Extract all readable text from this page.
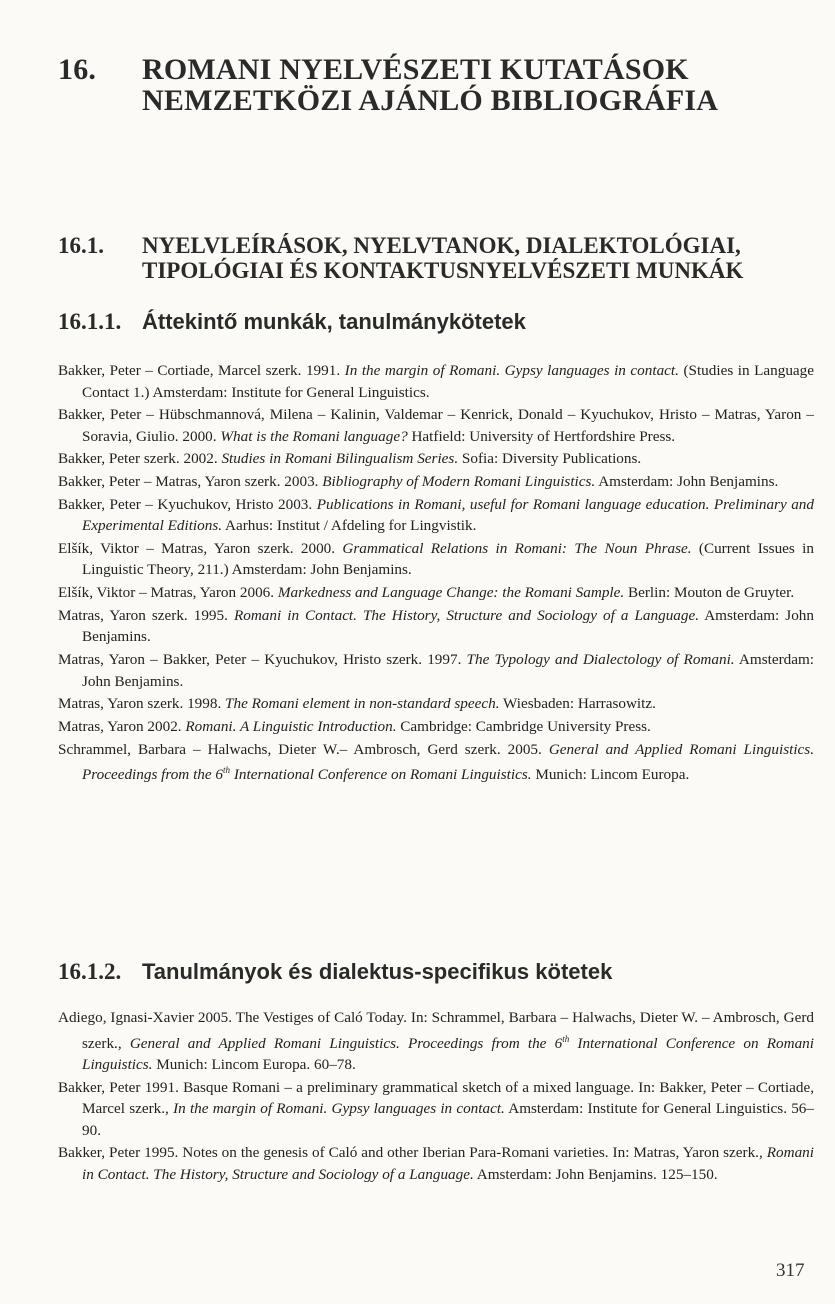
16. ROMANI NYELVÉSZETI KUTATÁSOK
NEMZETKÖZI AJÁNLÓ BIBLIOGRÁFIA
16.1. NYELVLEÍRÁSOK, NYELVTANOK, DIALEKTOLÓGIAI,
TIPOLÓGIAI ÉS KONTAKTUSNYELVÉSZETI MUNKÁK
16.1.1. Áttekintő munkák, tanulmánykötetek

Bakker, Peter – Cortiade, Marcel szerk. 1991. In the margin of Romani. Gypsy languages in contact. (Studies in Language Contact 1.) Amsterdam: Institute for General Linguistics.

Bakker, Peter – Hübschmannová, Milena – Kalinin, Valdemar – Kenrick, Donald – Kyuchukov, Hristo – Matras, Yaron – Soravia, Giulio. 2000. What is the Romani language? Hatfield: University of Hertfordshire Press.

Bakker, Peter szerk. 2002. Studies in Romani Bilingualism Series. Sofia: Diversity Publications.

Bakker, Peter – Matras, Yaron szerk. 2003. Bibliography of Modern Romani Linguistics. Amsterdam: John Benjamins.

Bakker, Peter – Kyuchukov, Hristo 2003. Publications in Romani, useful for Romani language education. Preliminary and Experimental Editions. Aarhus: Institut / Afdeling for Lingvistik.

Elšík, Viktor – Matras, Yaron szerk. 2000. Grammatical Relations in Romani: The Noun Phrase. (Current Issues in Linguistic Theory, 211.) Amsterdam: John Benjamins.

Elšík, Viktor – Matras, Yaron 2006. Markedness and Language Change: the Romani Sample. Berlin: Mouton de Gruyter.

Matras, Yaron szerk. 1995. Romani in Contact. The History, Structure and Sociology of a Language. Amsterdam: John Benjamins.

Matras, Yaron – Bakker, Peter – Kyuchukov, Hristo szerk. 1997. The Typology and Dialectology of Romani. Amsterdam: John Benjamins.

Matras, Yaron szerk. 1998. The Romani element in non-standard speech. Wiesbaden: Harrasowitz.

Matras, Yaron 2002. Romani. A Linguistic Introduction. Cambridge: Cambridge University Press.

Schrammel, Barbara – Halwachs, Dieter W.– Ambrosch, Gerd szerk. 2005. General and Applied Romani Linguistics. Proceedings from the 6th International Conference on Romani Linguistics. Munich: Lincom Europa.

16.1.2. Tanulmányok és dialektus-specifikus kötetek

Adiego, Ignasi-Xavier 2005. The Vestiges of Caló Today. In: Schrammel, Barbara – Halwachs, Dieter W. – Ambrosch, Gerd szerk., General and Applied Romani Linguistics. Proceedings from the 6th International Conference on Romani Linguistics. Munich: Lincom Europa. 60–78.

Bakker, Peter 1991. Basque Romani – a preliminary grammatical sketch of a mixed language. In: Bakker, Peter – Cortiade, Marcel szerk., In the margin of Romani. Gypsy languages in contact. Amsterdam: Institute for General Linguistics. 56–90.

Bakker, Peter 1995. Notes on the genesis of Caló and other Iberian Para-Romani varieties. In: Matras, Yaron szerk., Romani in Contact. The History, Structure and Sociology of a Language. Amsterdam: John Benjamins. 125–150.

317
